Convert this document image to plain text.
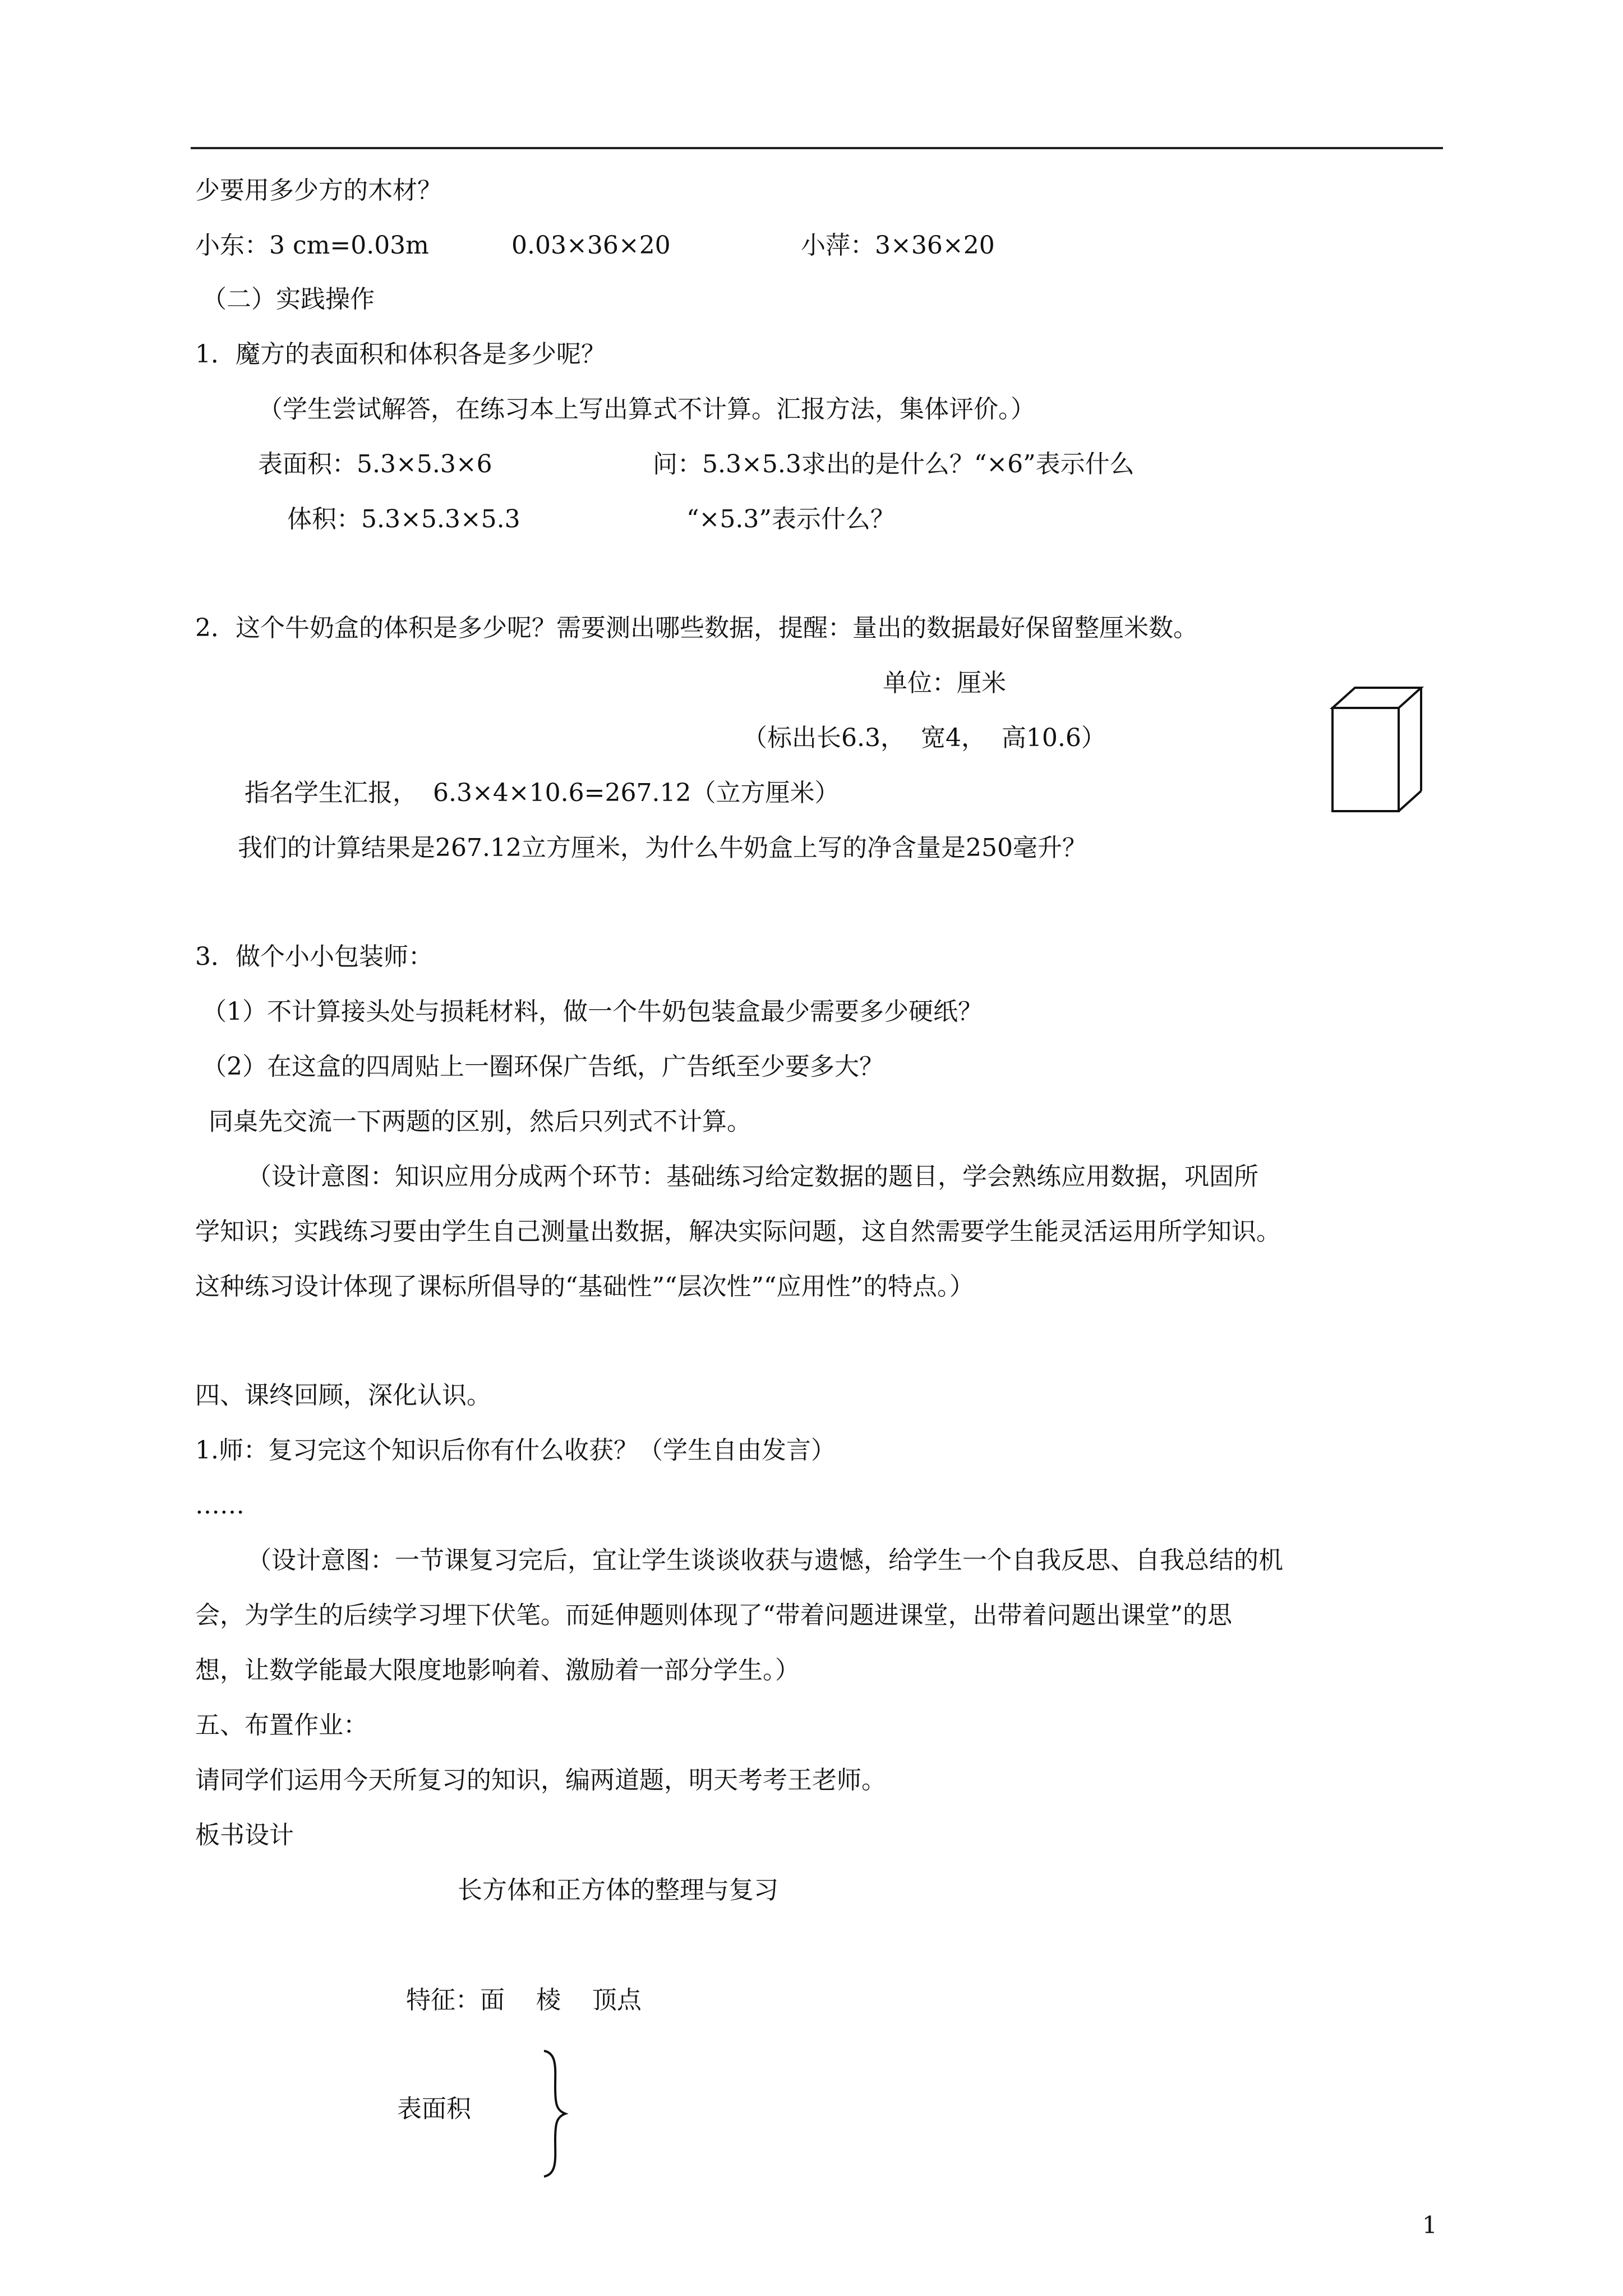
少要用多少方的木材？
小东：3 cm=0.03m	0.03×36×20	小萍：3×36×20
（二）实践操作
1．魔方的表面积和体积各是多少呢？
（学生尝试解答，在练习本上写出算式不计算。汇报方法，集体评价。）
表面积：5.3×5.3×6	问：5.3×5.3求出的是什么？“×6”表示什么
体积：5.3×5.3×5.3	“×5.3”表示什么？
2．这个牛奶盒的体积是多少呢？需要测出哪些数据，提醒：量出的数据最好保留整厘米数。
单位：厘米
（标出长6.3，  宽4，  高10.6）
指名学生汇报，  6.3×4×10.6=267.12（立方厘米）
我们的计算结果是267.12立方厘米，为什么牛奶盒上写的净含量是250毫升？
3．做个小小包装师：
（1）不计算接头处与损耗材料，做一个牛奶包装盒最少需要多少硬纸？
（2）在这盒的四周贴上一圈环保广告纸，广告纸至少要多大？
同桌先交流一下两题的区别，然后只列式不计算。
（设计意图：知识应用分成两个环节：基础练习给定数据的题目，学会熟练应用数据，巩固所
学知识；实践练习要由学生自己测量出数据，解决实际问题，这自然需要学生能灵活运用所学知识。
这种练习设计体现了课标所倡导的“基础性”“层次性”“应用性”的特点。）
四、课终回顾，深化认识。
1.师：复习完这个知识后你有什么收获？（学生自由发言）
……
（设计意图：一节课复习完后，宜让学生谈谈收获与遗憾，给学生一个自我反思、自我总结的机
会，为学生的后续学习埋下伏笔。而延伸题则体现了“带着问题进课堂，出带着问题出课堂”的思
想，让数学能最大限度地影响着、激励着一部分学生。）
五、布置作业：
请同学们运用今天所复习的知识，编两道题，明天考考王老师。
板书设计
长方体和正方体的整理与复习
特征：面    棱    顶点
表面积
1
